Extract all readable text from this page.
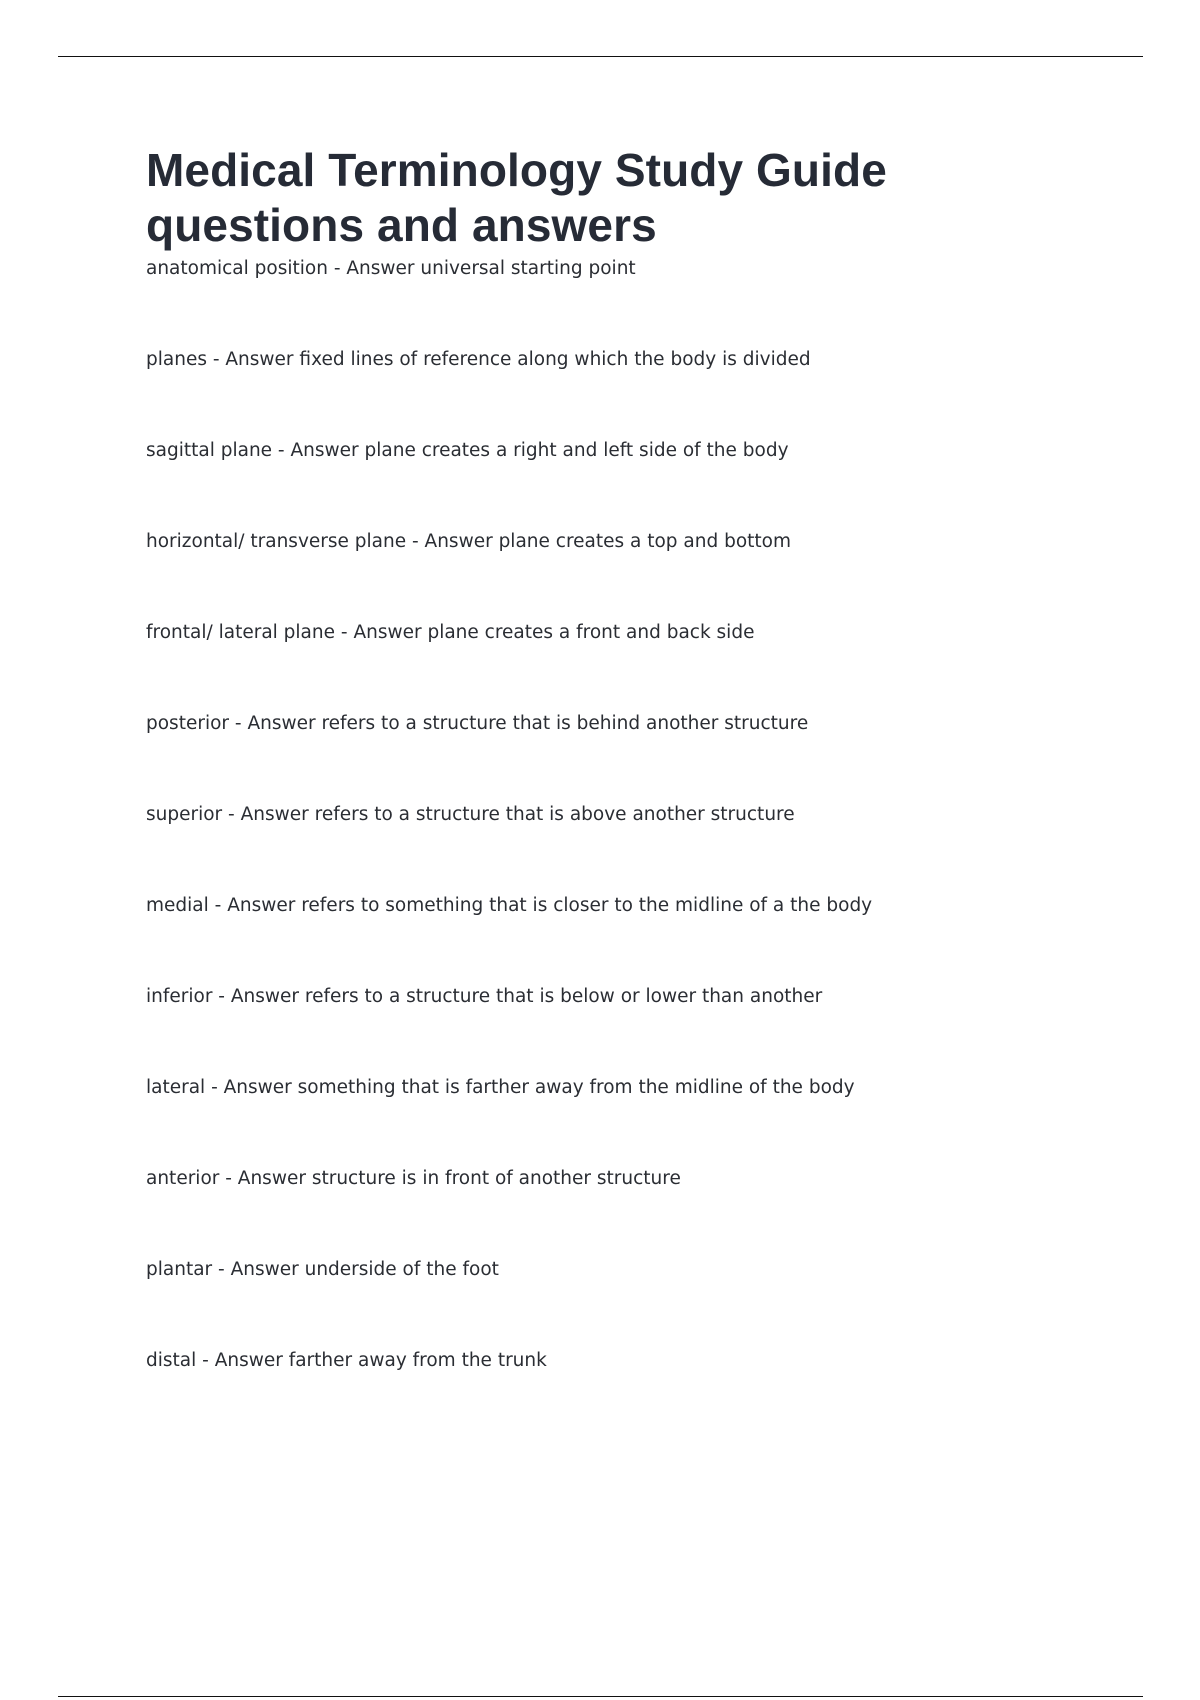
Medical Terminology Study Guide
questions and answers
anatomical position - Answer universal starting point
planes - Answer fixed lines of reference along which the body is divided
sagittal plane - Answer plane creates a right and left side of the body
horizontal/ transverse plane - Answer plane creates a top and bottom
frontal/ lateral plane - Answer plane creates a front and back side
posterior - Answer refers to a structure that is behind another structure
superior - Answer refers to a structure that is above another structure
medial - Answer refers to something that is closer to the midline of a the body
inferior - Answer refers to a structure that is below or lower than another
lateral - Answer something that is farther away from the midline of the body
anterior - Answer structure is in front of another structure
plantar - Answer underside of the foot
distal - Answer farther away from the trunk
